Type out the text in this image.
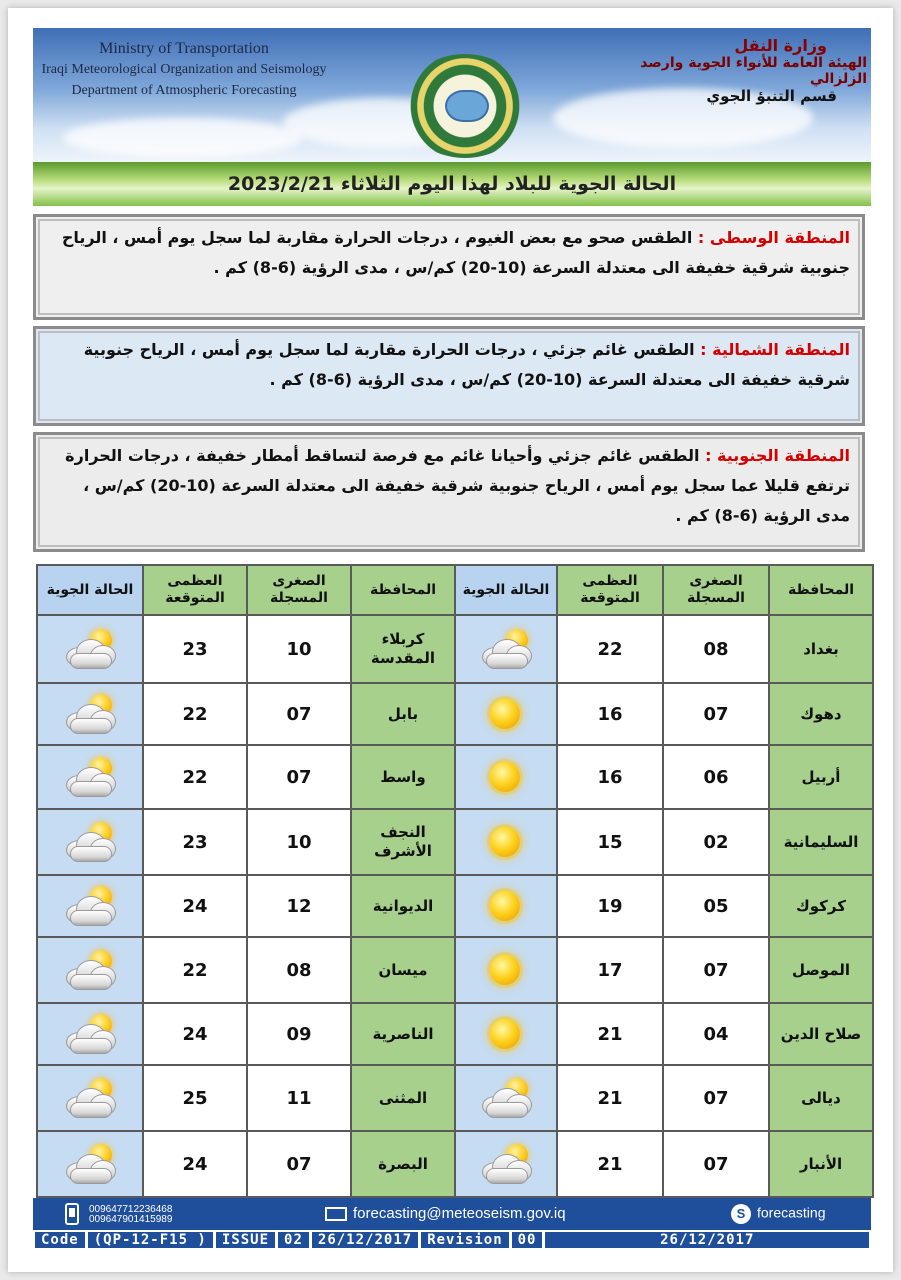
Ministry of Transportation
Iraqi Meteorological Organization and Seismology
Department of Atmospheric Forecasting
وزارة النقل
الهيئة العامة للأنواء الجوية وارصد الزلزالي
قسم التنبؤ الجوي
الحالة الجوية للبلاد لهذا اليوم الثلاثاء 2023/2/21
المنطقة الوسطى : الطقس صحو مع بعض الغيوم ، درجات الحرارة مقاربة لما سجل يوم أمس ، الرياح جنوبية شرقية خفيفة الى معتدلة السرعة (10-20) كم/س ، مدى الرؤية (6-8) كم .
المنطقة الشمالية : الطقس غائم جزئي ، درجات الحرارة مقاربة لما سجل يوم أمس ، الرياح جنوبية شرقية خفيفة الى معتدلة السرعة (10-20) كم/س ، مدى الرؤية (6-8) كم .
المنطقة الجنوبية : الطقس غائم جزئي وأحيانا غائم مع فرصة لتساقط أمطار خفيفة ، درجات الحرارة ترتفع قليلا عما سجل يوم أمس ، الرياح جنوبية شرقية خفيفة الى معتدلة السرعة (10-20) كم/س ، مدى الرؤية (6-8) كم .
المحافظة	الصغرى المسجلة	العظمى المتوقعة	الحالة الجوية	المحافظة	الصغرى المسجلة	العظمى المتوقعة	الحالة الجوية
بغداد	08	22		كربلاء المقدسة	10	23	

دهوك	07	16		بابل	07	22	

أربيل	06	16		واسط	07	22	

السليمانية	02	15		النجف الأشرف	10	23	

كركوك	05	19		الديوانية	12	24	

الموصل	07	17		ميسان	08	22	

صلاح الدين	04	21		الناصرية	09	24	

ديالى	07	21		المثنى	11	25	

الأنبار	07	21		البصرة	07	24	
009647712236468
009647901415989	forecasting@meteoseism.gov.iq	S forecasting
Code	(QP-12-F15 )	ISSUE	02	26/12/2017	Revision	00	26/12/2017
